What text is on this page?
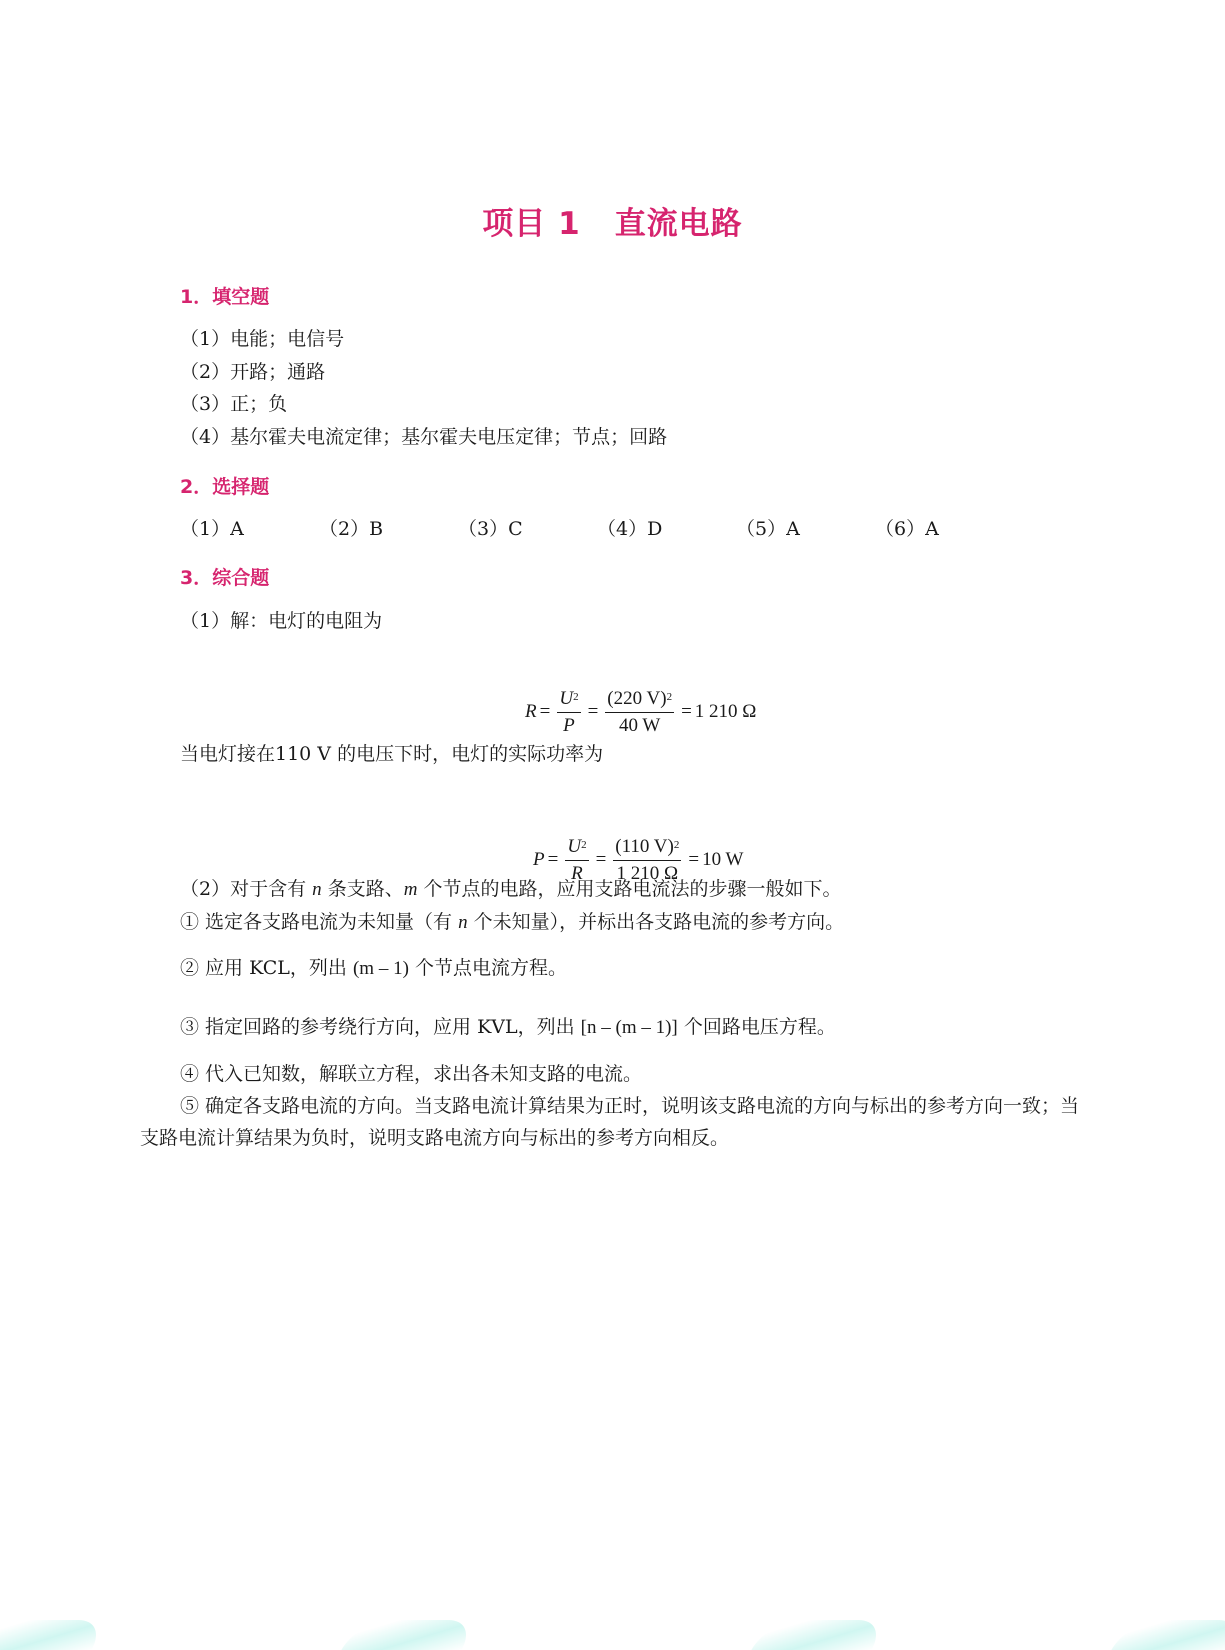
项目 1 直流电路
1．填空题
（1）电能；电信号
（2）开路；通路
（3）正；负
（4）基尔霍夫电流定律；基尔霍夫电压定律；节点；回路
2．选择题
（1）A	（2）B	（3）C	（4）D	（5）A	（6）A
3．综合题
（1）解：电灯的电阻为
$R = \frac{U^2}{P} = \frac{(220 V)^2}{40 W} = 1$ 210 Ω
当电灯接在110 V 的电压下时，电灯的实际功率为
$P = \frac{U^2}{R} = \frac{(110 V)^2}{1 210 \Omega} = 10$ W
（2）对于含有 n 条支路、m 个节点的电路，应用支路电流法的步骤一般如下。
① 选定各支路电流为未知量（有 n 个未知量），并标出各支路电流的参考方向。
② 应用 KCL，列出 (m – 1) 个节点电流方程。
③ 指定回路的参考绕行方向，应用 KVL，列出 [n – (m – 1)] 个回路电压方程。
④ 代入已知数，解联立方程，求出各未知支路的电流。
⑤ 确定各支路电流的方向。当支路电流计算结果为正时，说明该支路电流的方向与标出的参考方向一致；当支路电流计算结果为负时，说明支路电流方向与标出的参考方向相反。
